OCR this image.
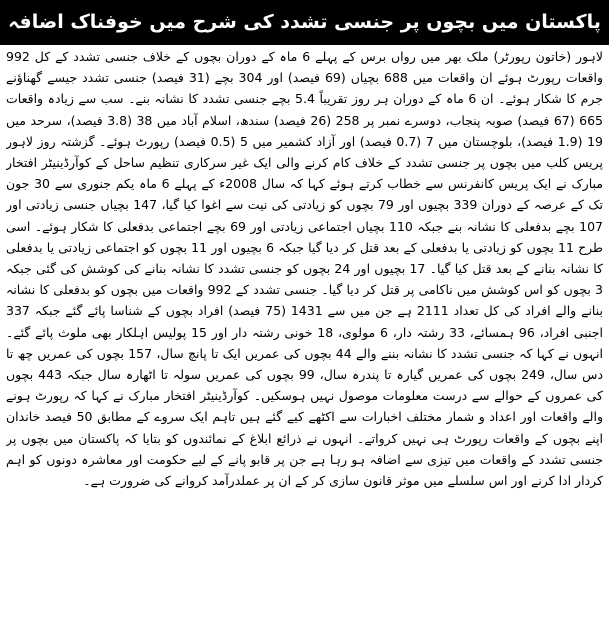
پاکستان میں بچوں پر جنسی تشدد کی شرح میں خوفناک اضافہ

لاہور (خاتون رپورٹر) ملک بھر میں رواں برس کے پہلے 6 ماہ کے دوران بچوں کے خلاف جنسی تشدد کے کل 992 واقعات رپورٹ ہوئے ان واقعات میں 688 بچیاں (69 فیصد) اور 304 بچے (31 فیصد) جنسی تشدد جیسے گھناؤنے جرم کا شکار ہوئے۔ ان 6 ماہ کے دوران ہر روز تقریباً 5.4 بچے جنسی تشدد کا نشانہ بنے۔ سب سے زیادہ واقعات 665 (67 فیصد) صوبہ پنجاب، دوسرے نمبر پر 258 (26 فیصد) سندھ، اسلام آباد میں 38 (3.8 فیصد)، سرحد میں 19 (1.9 فیصد)، بلوچستان میں 7 (0.7 فیصد) اور آزاد کشمیر میں 5 (0.5 فیصد) رپورٹ ہوئے۔ گزشتہ روز لاہور پریس کلب میں بچوں پر جنسی تشدد کے خلاف کام کرنے والی ایک غیر سرکاری تنظیم ساحل کے کوآرڈینیٹر افتخار مبارک نے ایک پریس کانفرنس سے خطاب کرتے ہوئے کہا کہ سال 2008ء کے پہلے 6 ماہ یکم جنوری سے 30 جون تک کے عرصہ کے دوران 339 بچیوں اور 79 بچوں کو زیادتی کی نیت سے اغوا کیا گیا، 147 بچیاں جنسی زیادتی اور 107 بچے بدفعلی کا نشانہ بنے جبکہ 110 بچیاں اجتماعی زیادتی اور 69 بچے اجتماعی بدفعلی کا شکار ہوئے۔ اسی طرح 11 بچوں کو زیادتی یا بدفعلی کے بعد قتل کر دیا گیا جبکہ 6 بچیوں اور 11 بچوں کو اجتماعی زیادتی یا بدفعلی کا نشانہ بنانے کے بعد قتل کیا گیا۔ 17 بچیوں اور 24 بچوں کو جنسی تشدد کا نشانہ بنانے کی کوشش کی گئی جبکہ 3 بچوں کو اس کوشش میں ناکامی پر قتل کر دیا گیا۔ جنسی تشدد کے 992 واقعات میں بچوں کو بدفعلی کا نشانہ بنانے والے افراد کی کل تعداد 2111 ہے جن میں سے 1431 (75 فیصد) افراد بچوں کے شناسا پائے گئے جبکہ 337 اجنبی افراد، 96 ہمسائے، 33 رشتہ دار، 6 مولوی، 18 خونی رشتہ دار اور 15 پولیس اہلکار بھی ملوث پائے گئے۔ انہوں نے کہا کہ جنسی تشدد کا نشانہ بننے والے 44 بچوں کی عمریں ایک تا پانچ سال، 157 بچوں کی عمریں چھ تا دس سال، 249 بچوں کی عمریں گیارہ تا پندرہ سال، 99 بچوں کی عمریں سولہ تا اٹھارہ سال جبکہ 443 بچوں کی عمروں کے حوالے سے درست معلومات موصول نہیں ہوسکیں۔ کوآرڈینیٹر افتخار مبارک نے کہا کہ رپورٹ ہونے والے واقعات اور اعداد و شمار مختلف اخبارات سے اکٹھے کیے گئے ہیں تاہم ایک سروے کے مطابق 50 فیصد خاندان اپنے بچوں کے واقعات رپورٹ ہی نہیں کرواتے۔ انہوں نے ذرائع ابلاغ کے نمائندوں کو بتایا کہ پاکستان میں بچوں پر جنسی تشدد کے واقعات میں تیزی سے اضافہ ہو رہا ہے جن پر قابو پانے کے لیے حکومت اور معاشرہ دونوں کو اہم کردار ادا کرنے اور اس سلسلے میں موثر قانون سازی کر کے ان پر عملدرآمد کروانے کی ضرورت ہے۔
